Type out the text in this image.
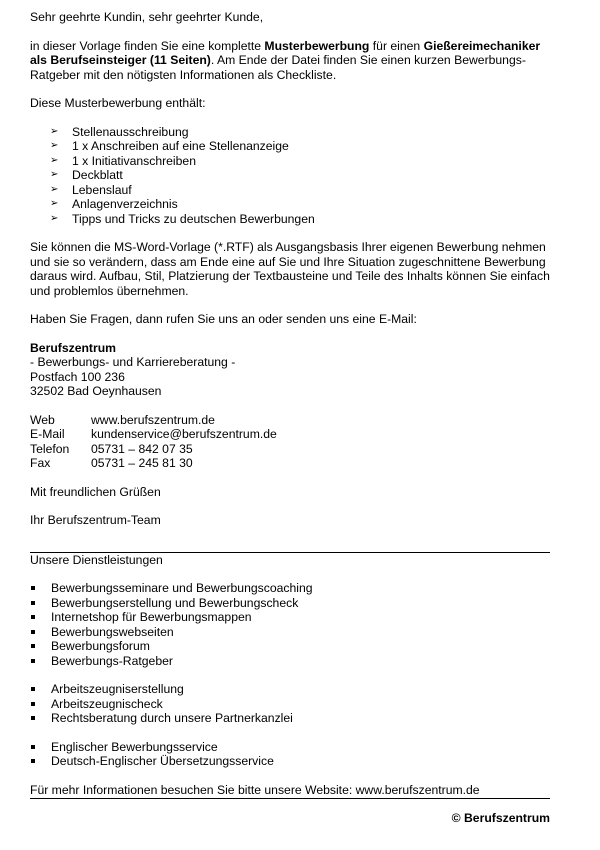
Sehr geehrte Kundin, sehr geehrter Kunde,

in dieser Vorlage finden Sie eine komplette Musterbewerbung für einen Gießereimechaniker als Berufseinsteiger (11 Seiten). Am Ende der Datei finden Sie einen kurzen Bewerbungs-Ratgeber mit den nötigsten Informationen als Checkliste.

Diese Musterbewerbung enthält:

➢ Stellenausschreibung
➢ 1 x Anschreiben auf eine Stellenanzeige
➢ 1 x Initiativanschreiben
➢ Deckblatt
➢ Lebenslauf
➢ Anlagenverzeichnis
➢ Tipps und Tricks zu deutschen Bewerbungen

Sie können die MS-Word-Vorlage (*.RTF) als Ausgangsbasis Ihrer eigenen Bewerbung nehmen und sie so verändern, dass am Ende eine auf Sie und Ihre Situation zugeschnittene Bewerbung daraus wird. Aufbau, Stil, Platzierung der Textbausteine und Teile des Inhalts können Sie einfach und problemlos übernehmen.

Haben Sie Fragen, dann rufen Sie uns an oder senden uns eine E-Mail:

Berufszentrum

- Bewerbungs- und Karriereberatung -

Postfach 100 236

32502 Bad Oeynhausen

Web	www.berufszentrum.de
E-Mail	kundenservice@berufszentrum.de
Telefon	05731 – 842 07 35
Fax	05731 – 245 81 30

Mit freundlichen Grüßen

Ihr Berufszentrum-Team

Unsere Dienstleistungen

Bewerbungsseminare und Bewerbungscoaching
Bewerbungserstellung und Bewerbungscheck
Internetshop für Bewerbungsmappen
Bewerbungswebseiten
Bewerbungsforum
Bewerbungs-Ratgeber
Arbeitszeugniserstellung
Arbeitszeugnischeck
Rechtsberatung durch unsere Partnerkanzlei
Englischer Bewerbungsservice
Deutsch-Englischer Übersetzungsservice

Für mehr Informationen besuchen Sie bitte unsere Website: www.berufszentrum.de

© Berufszentrum
